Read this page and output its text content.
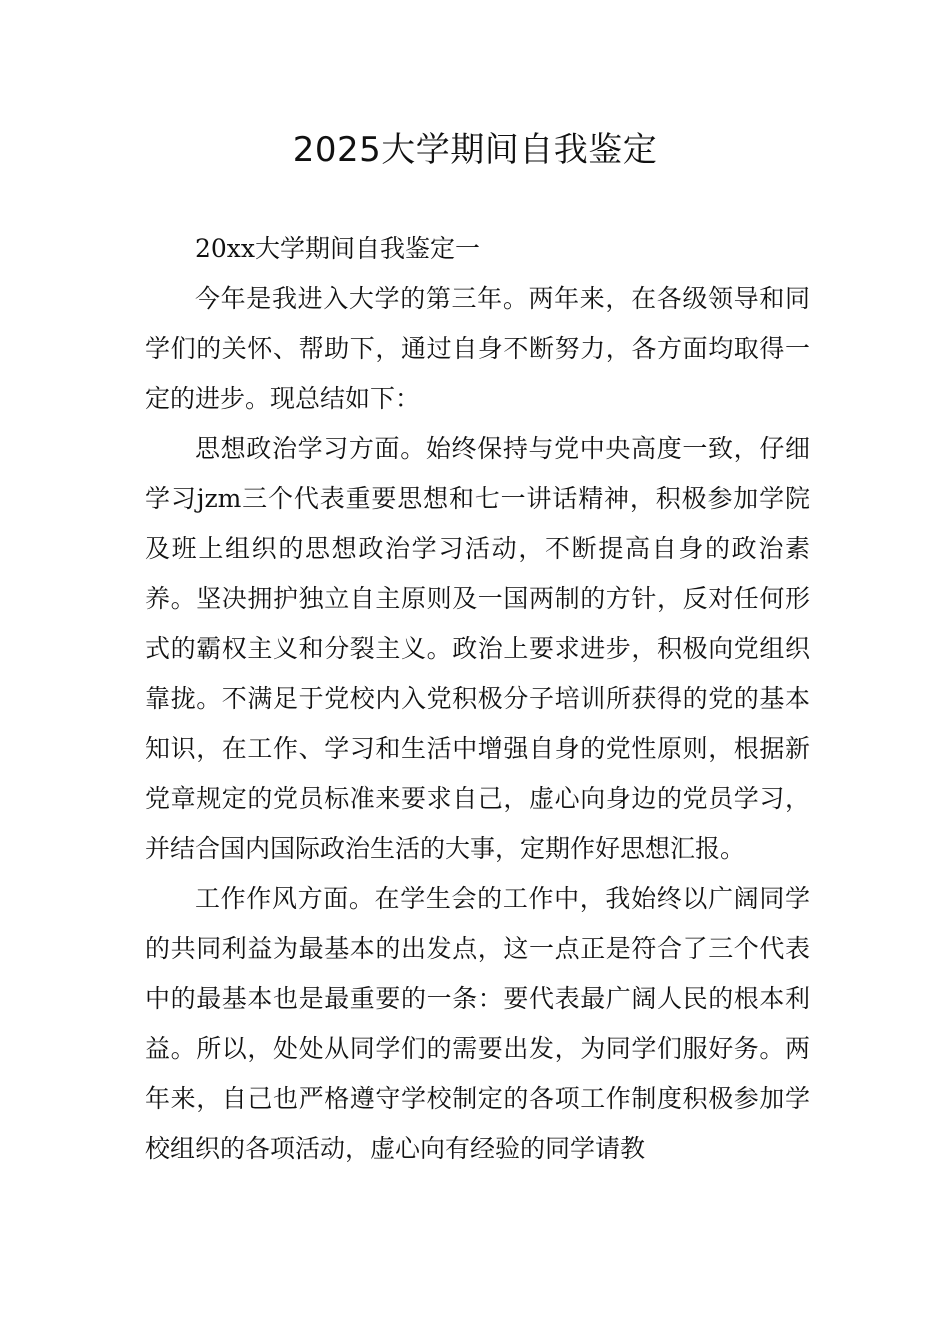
2025大学期间自我鉴定

20xx大学期间自我鉴定一

今年是我进入大学的第三年。两年来，在各级领导和同学们的关怀、帮助下，通过自身不断努力，各方面均取得一定的进步。现总结如下：

思想政治学习方面。始终保持与党中央高度一致，仔细学习jzm三个代表重要思想和七一讲话精神，积极参加学院及班上组织的思想政治学习活动，不断提高自身的政治素养。坚决拥护独立自主原则及一国两制的方针，反对任何形式的霸权主义和分裂主义。政治上要求进步，积极向党组织靠拢。不满足于党校内入党积极分子培训所获得的党的基本知识，在工作、学习和生活中增强自身的党性原则，根据新党章规定的党员标准来要求自己，虚心向身边的党员学习，并结合国内国际政治生活的大事，定期作好思想汇报。

工作作风方面。在学生会的工作中，我始终以广阔同学的共同利益为最基本的出发点，这一点正是符合了三个代表中的最基本也是最重要的一条：要代表最广阔人民的根本利益。所以，处处从同学们的需要出发，为同学们服好务。两年来，自己也严格遵守学校制定的各项工作制度积极参加学校组织的各项活动，虚心向有经验的同学请教
